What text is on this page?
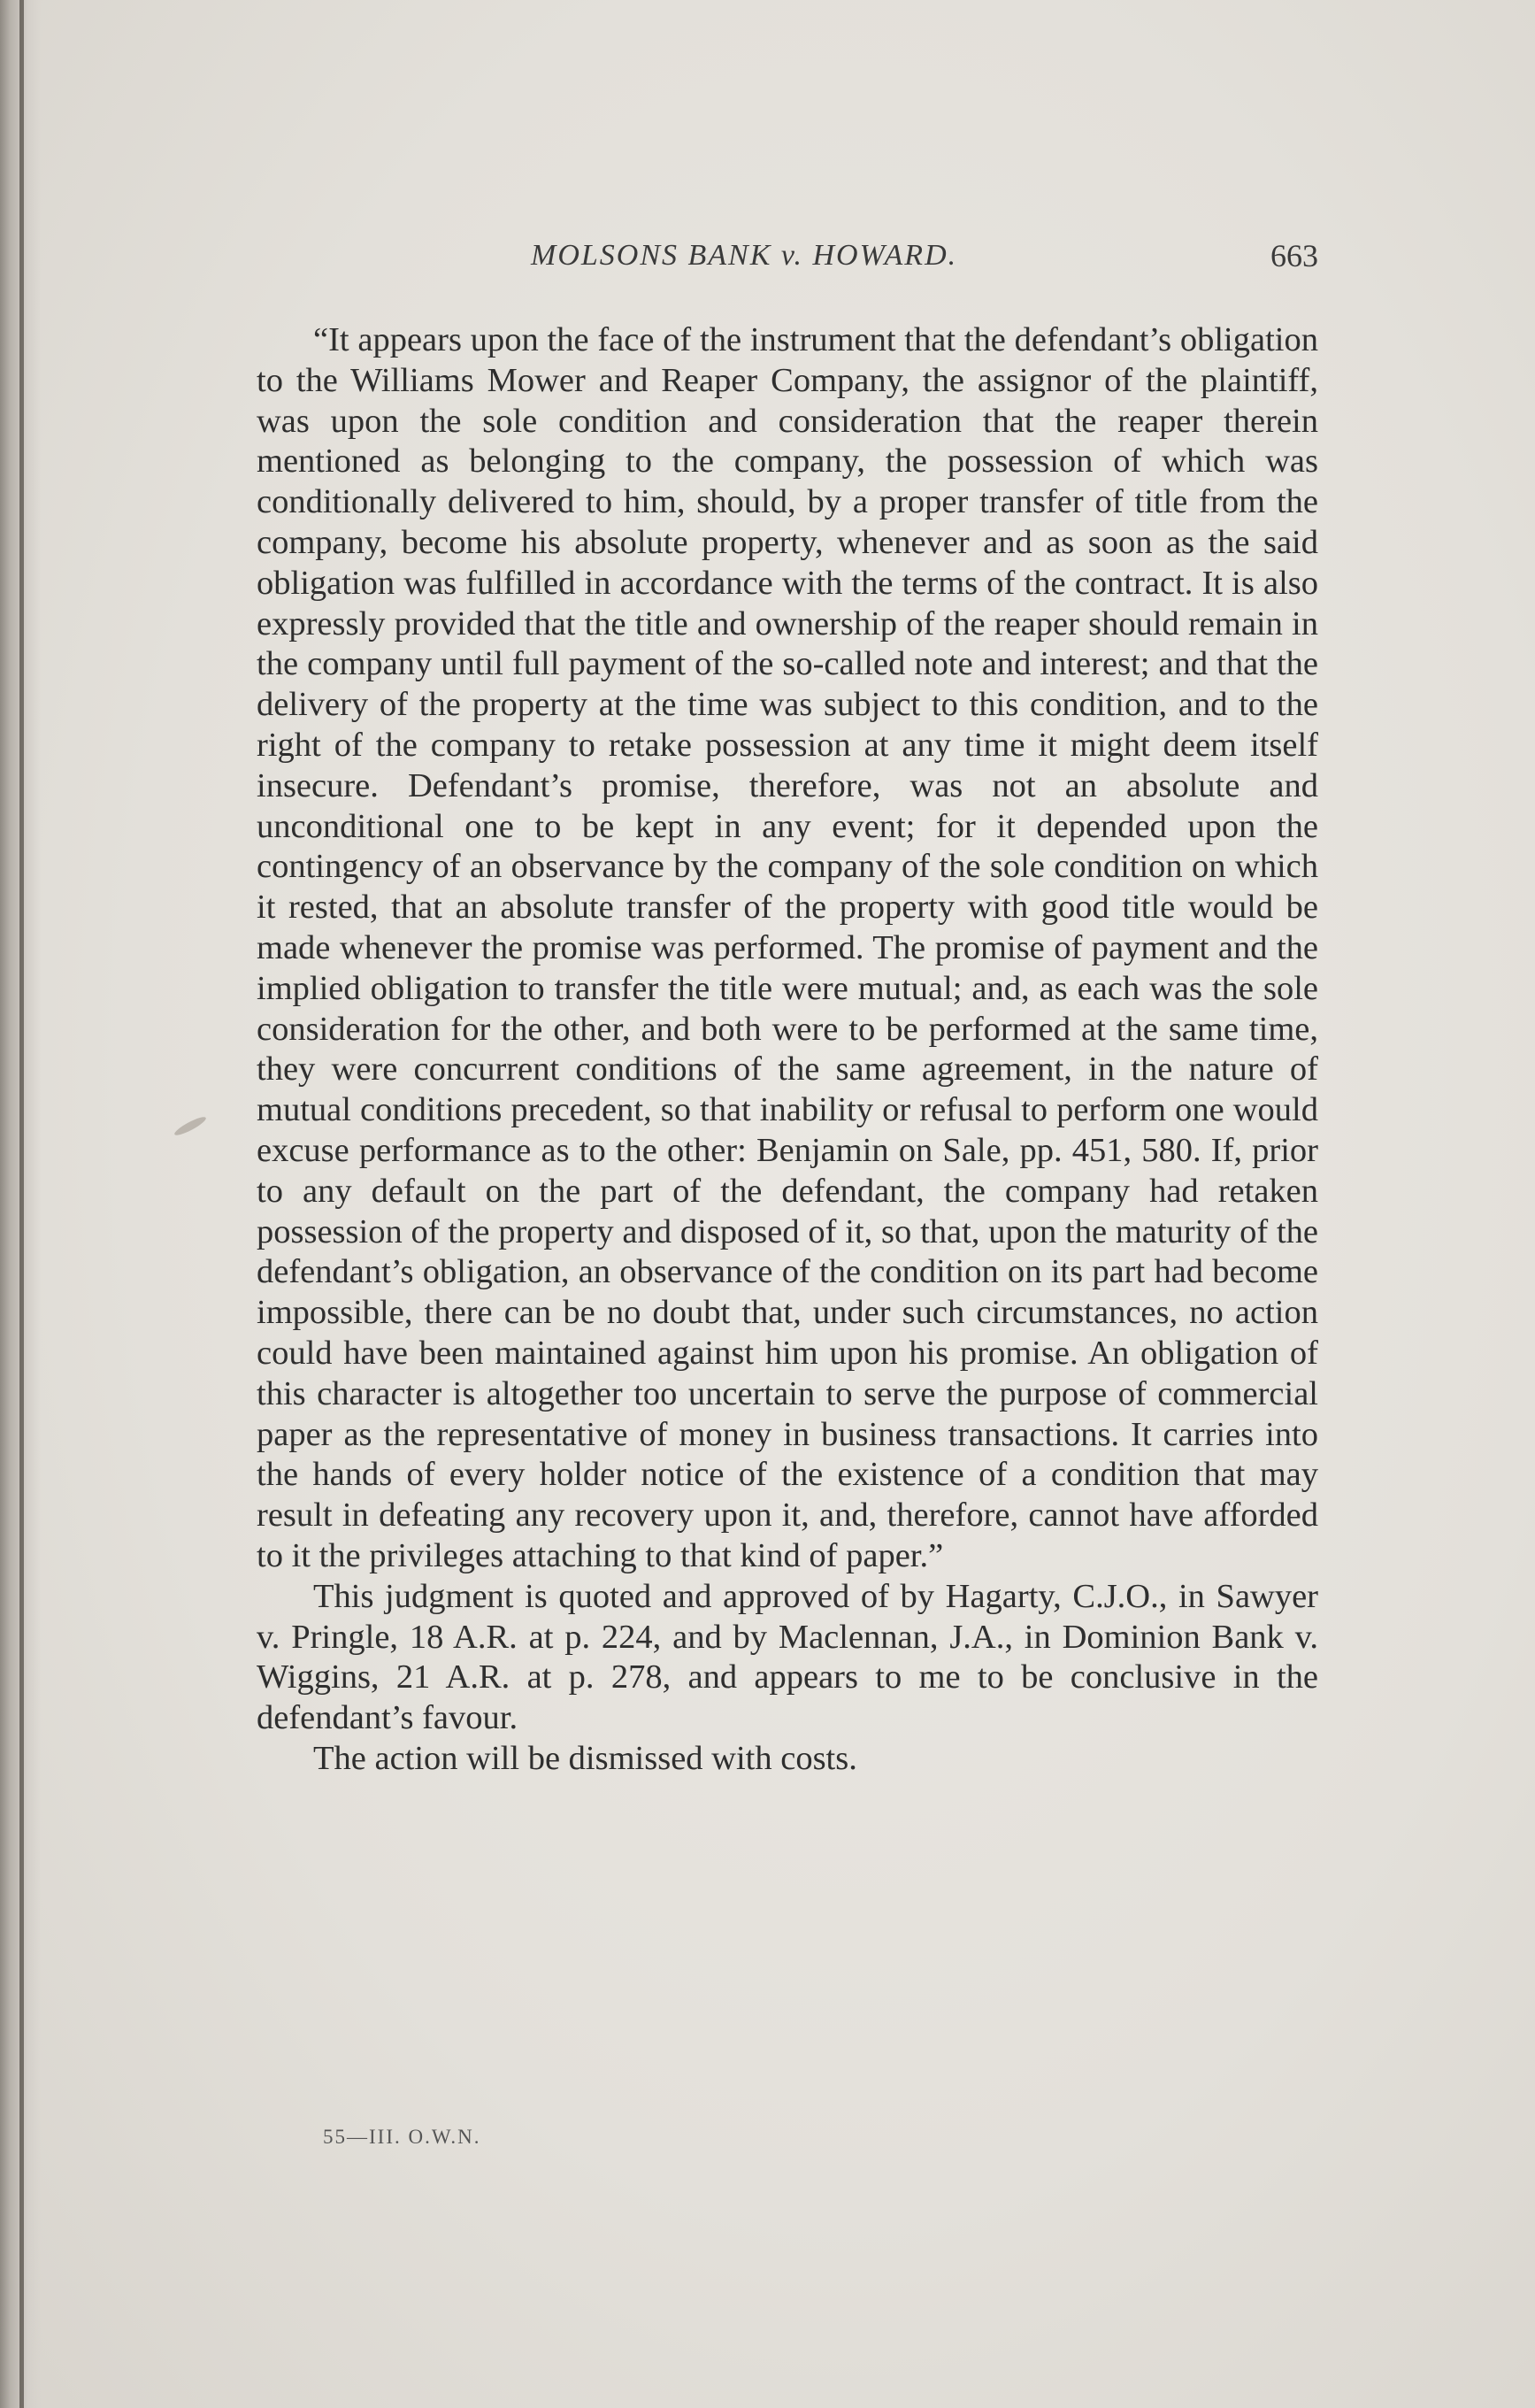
MOLSONS BANK v. HOWARD.	663

“It appears upon the face of the instrument that the defendant’s obligation to the Williams Mower and Reaper Company, the assignor of the plaintiff, was upon the sole condition and consideration that the reaper therein mentioned as belonging to the company, the possession of which was conditionally delivered to him, should, by a proper transfer of title from the company, become his absolute property, whenever and as soon as the said obligation was fulfilled in accordance with the terms of the contract. It is also expressly provided that the title and ownership of the reaper should remain in the company until full payment of the so-called note and interest; and that the delivery of the property at the time was subject to this condition, and to the right of the company to retake possession at any time it might deem itself insecure. Defendant’s promise, therefore, was not an absolute and unconditional one to be kept in any event; for it depended upon the contingency of an observance by the company of the sole condition on which it rested, that an absolute transfer of the property with good title would be made whenever the promise was performed. The promise of payment and the implied obligation to transfer the title were mutual; and, as each was the sole consideration for the other, and both were to be performed at the same time, they were concurrent conditions of the same agreement, in the nature of mutual conditions precedent, so that inability or refusal to perform one would excuse performance as to the other: Benjamin on Sale, pp. 451, 580. If, prior to any default on the part of the defendant, the company had retaken possession of the property and disposed of it, so that, upon the maturity of the defendant’s obligation, an observance of the condition on its part had become impossible, there can be no doubt that, under such circumstances, no action could have been maintained against him upon his promise. An obligation of this character is altogether too uncertain to serve the purpose of commercial paper as the representative of money in business transactions. It carries into the hands of every holder notice of the existence of a condition that may result in defeating any recovery upon it, and, therefore, cannot have afforded to it the privileges attaching to that kind of paper.”

This judgment is quoted and approved of by Hagarty, C.J.O., in Sawyer v. Pringle, 18 A.R. at p. 224, and by Maclennan, J.A., in Dominion Bank v. Wiggins, 21 A.R. at p. 278, and appears to me to be conclusive in the defendant’s favour.

The action will be dismissed with costs.

55—III. O.W.N.
